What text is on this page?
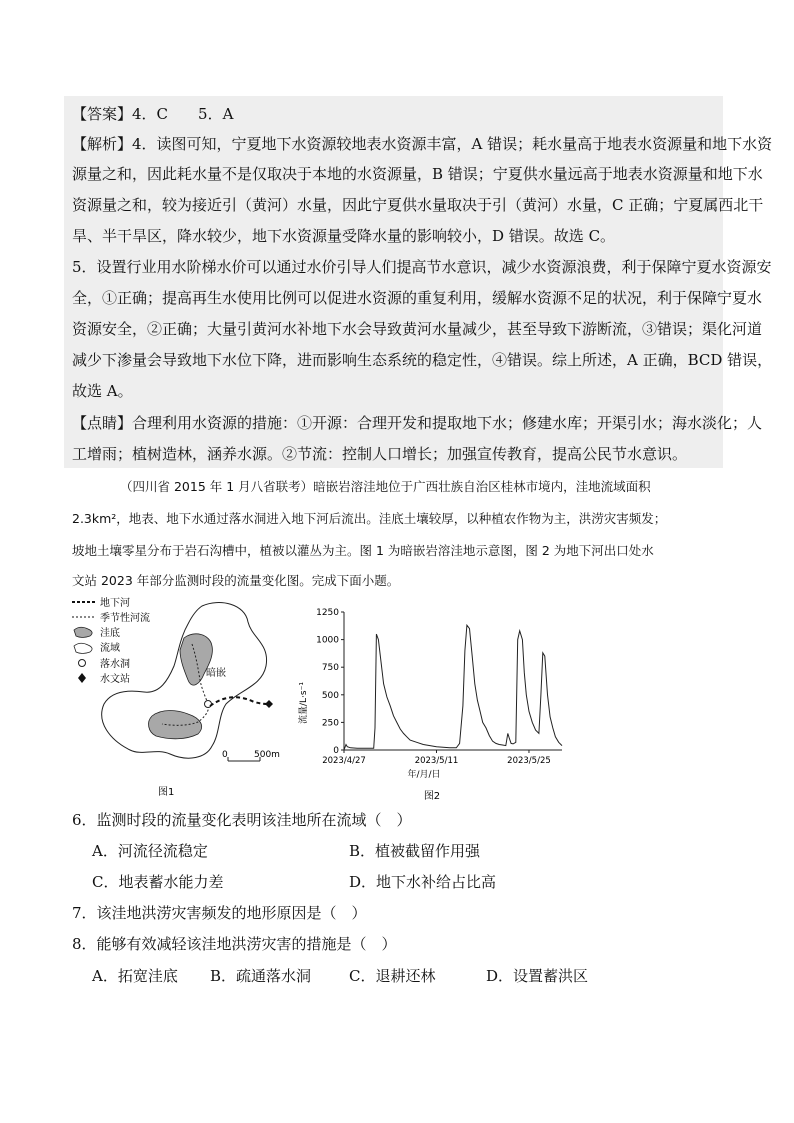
【答案】4．C　　5．A
【解析】4．读图可知，宁夏地下水资源较地表水资源丰富，A 错误；耗水量高于地表水资源量和地下水资
源量之和，因此耗水量不是仅取决于本地的水资源量，B 错误；宁夏供水量远高于地表水资源量和地下水
资源量之和，较为接近引（黄河）水量，因此宁夏供水量取决于引（黄河）水量，C 正确；宁夏属西北干
旱、半干旱区，降水较少，地下水资源量受降水量的影响较小，D 错误。故选 C。
5．设置行业用水阶梯水价可以通过水价引导人们提高节水意识，减少水资源浪费，利于保障宁夏水资源安
全，①正确；提高再生水使用比例可以促进水资源的重复利用，缓解水资源不足的状况，利于保障宁夏水
资源安全，②正确；大量引黄河水补地下水会导致黄河水量减少，甚至导致下游断流，③错误；渠化河道
减少下渗量会导致地下水位下降，进而影响生态系统的稳定性，④错误。综上所述，A 正确，BCD 错误，
故选 A。
【点睛】合理利用水资源的措施：①开源：合理开发和提取地下水；修建水库；开渠引水；海水淡化；人
工增雨；植树造林，涵养水源。②节流：控制人口增长；加强宣传教育，提高公民节水意识。
（四川省 2015 年 1 月八省联考）暗嵌岩溶洼地位于广西壮族自治区桂林市境内，洼地流域面积
2.3km²，地表、地下水通过落水洞进入地下河后流出。洼底土壤较厚，以种植农作物为主，洪涝灾害频发；
坡地土壤零星分布于岩石沟槽中，植被以灌丛为主。图 1 为暗嵌岩溶洼地示意图，图 2 为地下河出口处水
文站 2023 年部分监测时段的流量变化图。完成下面小题。
地下河
季节性河流
洼底
流域
落水洞
水文站
暗嵌
0	500m
图1
0
250
500
750
1000
1250
2023/4/27	2023/5/11	2023/5/25
流量/L·s⁻¹
年/月/日
图2
6．监测时段的流量变化表明该洼地所在流域（　）
A．河流径流稳定	B．植被截留作用强
C．地表蓄水能力差	D．地下水补给占比高
7．该洼地洪涝灾害频发的地形原因是（　）
8．能够有效减轻该洼地洪涝灾害的措施是（　）
A．拓宽洼底 B．疏通落水洞	C．退耕还林	D．设置蓄洪区
